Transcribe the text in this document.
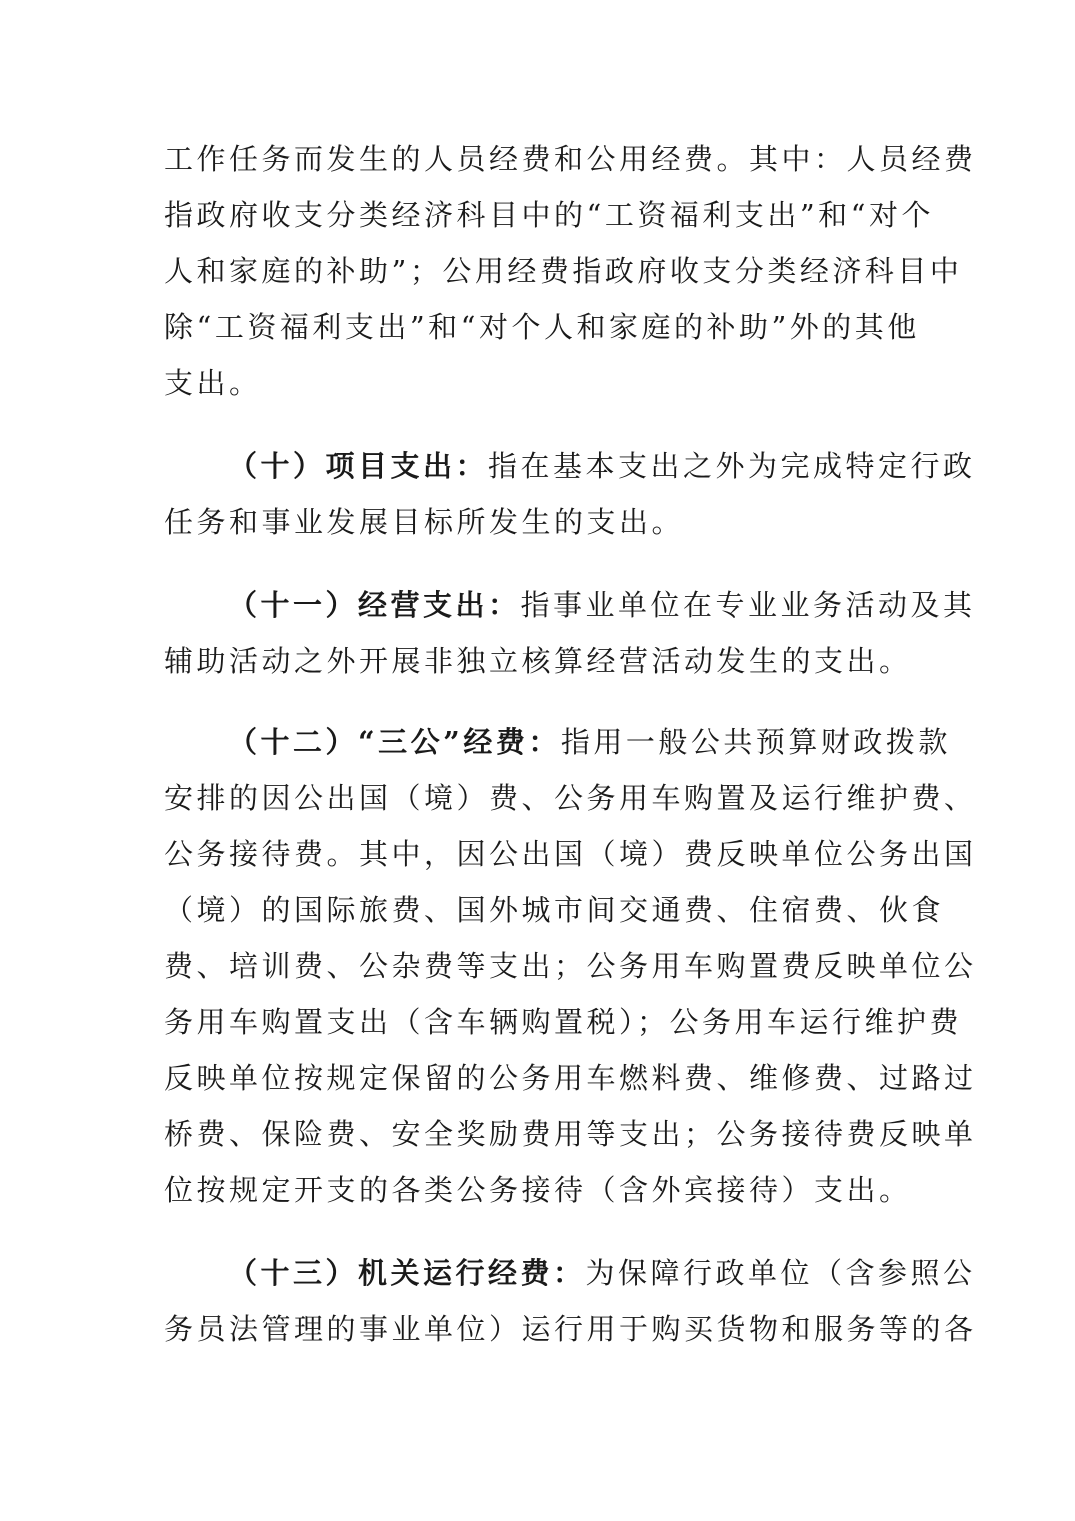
工作任务而发生的人员经费和公用经费。其中：人员经费
指政府收支分类经济科目中的“工资福利支出”和“对个
人和家庭的补助”；公用经费指政府收支分类经济科目中
除“工资福利支出”和“对个人和家庭的补助”外的其他
支出。
（十）项目支出：指在基本支出之外为完成特定行政
任务和事业发展目标所发生的支出。
（十一）经营支出：指事业单位在专业业务活动及其
辅助活动之外开展非独立核算经营活动发生的支出。
（十二）“三公”经费：指用一般公共预算财政拨款
安排的因公出国（境）费、公务用车购置及运行维护费、
公务接待费。其中，因公出国（境）费反映单位公务出国
（境）的国际旅费、国外城市间交通费、住宿费、伙食
费、培训费、公杂费等支出；公务用车购置费反映单位公
务用车购置支出（含车辆购置税）；公务用车运行维护费
反映单位按规定保留的公务用车燃料费、维修费、过路过
桥费、保险费、安全奖励费用等支出；公务接待费反映单
位按规定开支的各类公务接待（含外宾接待）支出。
（十三）机关运行经费：为保障行政单位（含参照公
务员法管理的事业单位）运行用于购买货物和服务等的各
